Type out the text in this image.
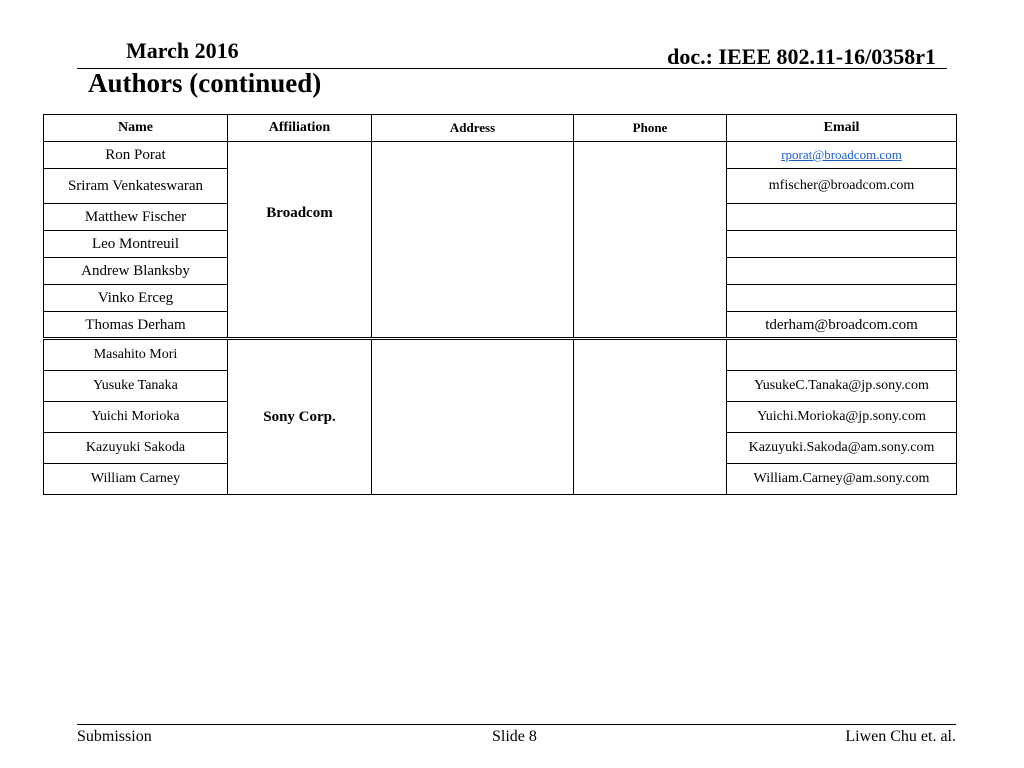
March 2016	doc.: IEEE 802.11-16/0358r1
Authors (continued)
Name	Affiliation	Address	Phone	Email
Ron Porat	Broadcom			rporat@broadcom.com
Sriram Venkateswaran				mfischer@broadcom.com
Matthew Fischer				
Leo Montreuil				
Andrew Blanksby				
Vinko Erceg				
Thomas Derham				tderham@broadcom.com
Masahito Mori	Sony Corp.			
Yusuke Tanaka				YusukeC.Tanaka@jp.sony.com
Yuichi Morioka				Yuichi.Morioka@jp.sony.com
Kazuyuki Sakoda				Kazuyuki.Sakoda@am.sony.com
William Carney				William.Carney@am.sony.com
Submission	Slide 8	Liwen Chu et. al.
